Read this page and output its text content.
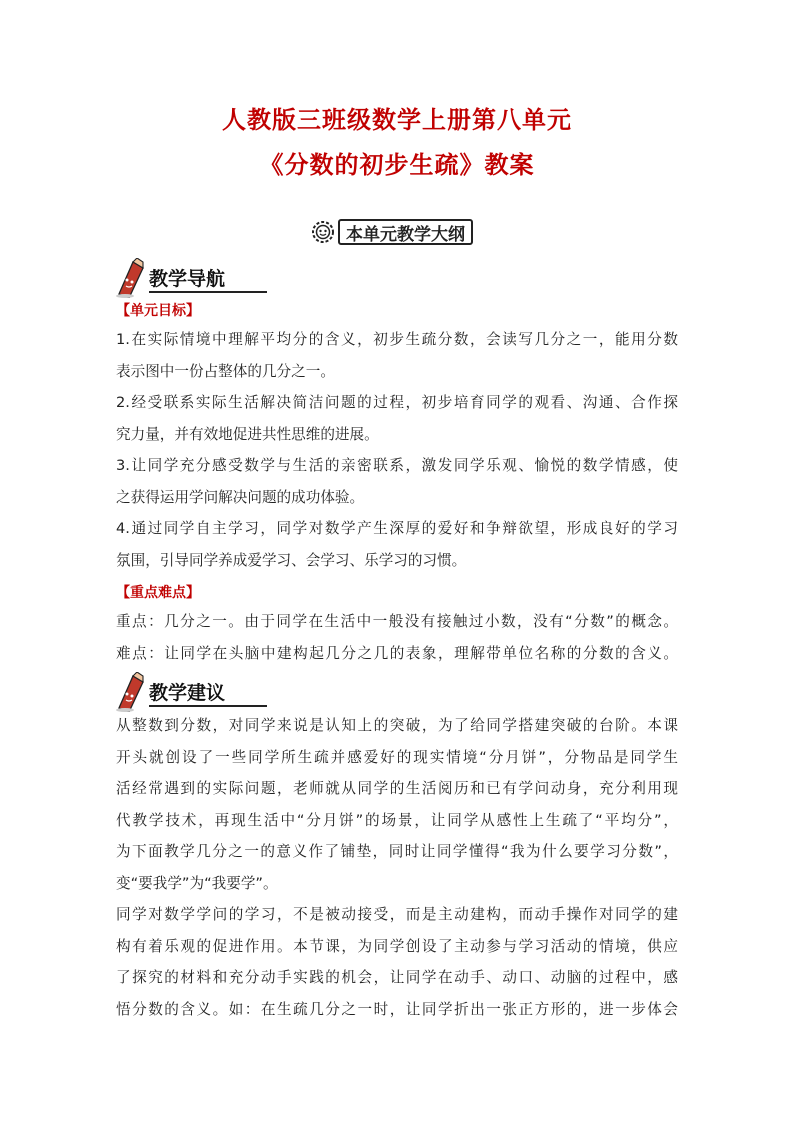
人教版三班级数学上册第八单元
《分数的初步生疏》教案
本单元教学大纲
教学导航
【单元目标】
1.在实际情境中理解平均分的含义，初步生疏分数，会读写几分之一，能用分数
表示图中一份占整体的几分之一。
2.经受联系实际生活解决简洁问题的过程，初步培育同学的观看、沟通、合作探
究力量，并有效地促进共性思维的进展。
3.让同学充分感受数学与生活的亲密联系，激发同学乐观、愉悦的数学情感，使
之获得运用学问解决问题的成功体验。
4.通过同学自主学习，同学对数学产生深厚的爱好和争辩欲望，形成良好的学习
氛围，引导同学养成爱学习、会学习、乐学习的习惯。
【重点难点】
重点：几分之一。由于同学在生活中一般没有接触过小数，没有“分数”的概念。
难点：让同学在头脑中建构起几分之几的表象，理解带单位名称的分数的含义。
教学建议
从整数到分数，对同学来说是认知上的突破，为了给同学搭建突破的台阶。本课
开头就创设了一些同学所生疏并感爱好的现实情境“分月饼”，分物品是同学生
活经常遇到的实际问题，老师就从同学的生活阅历和已有学问动身，充分利用现
代教学技术，再现生活中“分月饼”的场景，让同学从感性上生疏了“平均分”，
为下面教学几分之一的意义作了铺垫，同时让同学懂得“我为什么要学习分数”，
变“要我学”为“我要学”。
同学对数学学问的学习，不是被动接受，而是主动建构，而动手操作对同学的建
构有着乐观的促进作用。本节课，为同学创设了主动参与学习活动的情境，供应
了探究的材料和充分动手实践的机会，让同学在动手、动口、动脑的过程中，感
悟分数的含义。如：在生疏几分之一时，让同学折出一张正方形的，进一步体会
